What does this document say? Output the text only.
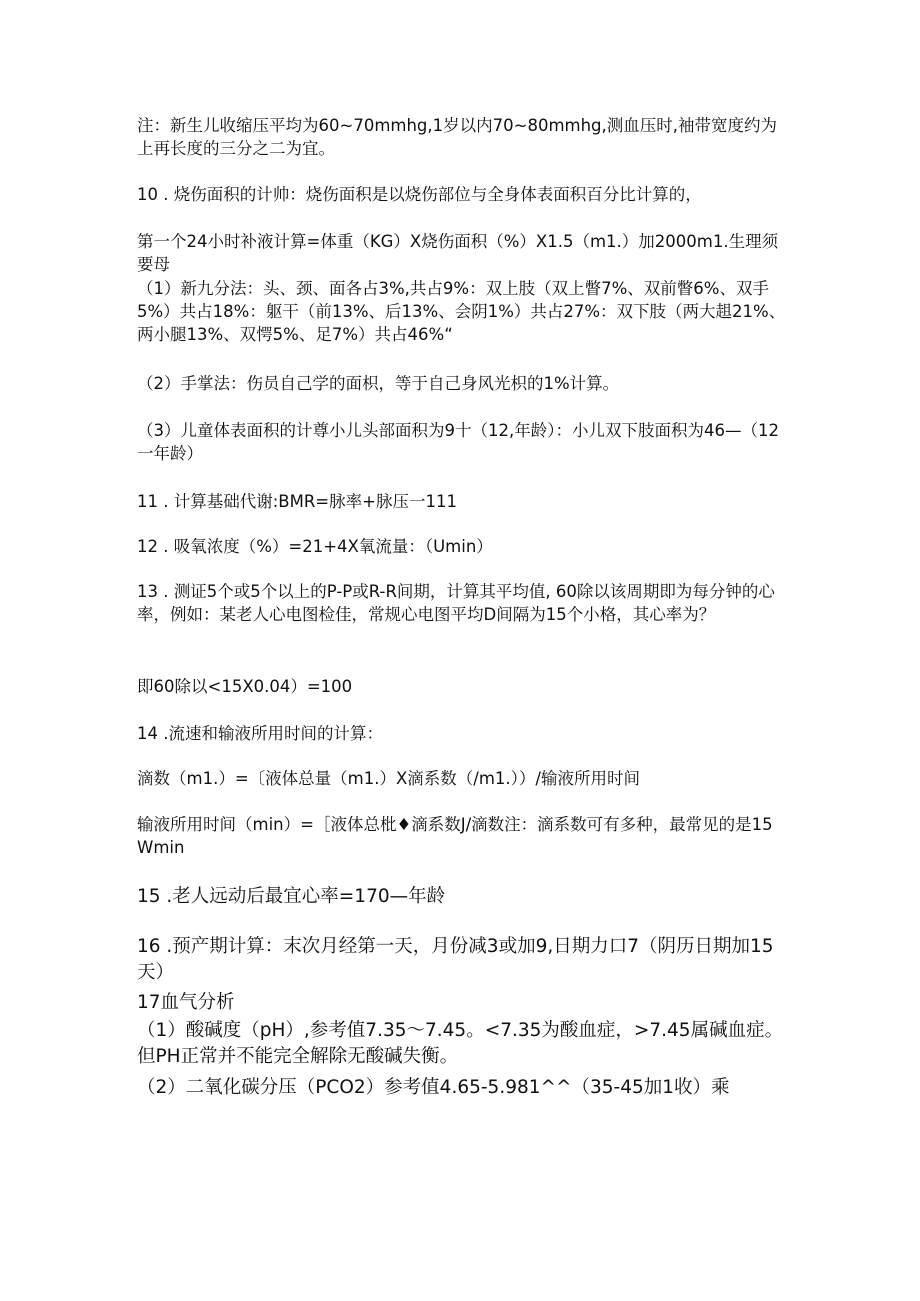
注：新生儿收缩压平均为60~70mmhg,1岁以内70~80mmhg,测血压时,袖带宽度约为上再长度的三分之二为宜。

10 . 烧伤面积的计帅：烧伤面积是以烧伤部位与全身体表面积百分比计算的，

第一个24小时补液计算=体重（KG）X烧伤面积（%）X1.5（m1.）加2000m1.生理须要母

（1）新九分法：头、颈、面各占3%,共占9%：双上肢（双上瞥7%、双前瞥6%、双手5%）共占18%：躯干（前13%、后13%、会阴1%）共占27%：双下肢（两大趄21%、两小腿13%、双愕5%、足7%）共占46%“

（2）手掌法：伤员自己学的面枳，等于自己身风光枳的1%计算。

（3）儿童体表面积的计尊小儿头部面积为9十（12,年龄）：小儿双下肢面积为46—（12一年龄）

11 . 计算基础代谢:BMR=脉率+脉压一111

12 . 吸氧浓度（%）=21+4X氧流量：（Umin）

13 . 测证5个或5个以上的P-P或R-R间期，计算其平均值, 60除以该周期即为每分钟的心率，例如：某老人心电图检佳，常规心电图平均D间隔为15个小格，其心率为？

即60除以<15X0.04）=100

14 .流速和输液所用时间的计算：

滴数（m1.）=〔液体总量（m1.）X滴系数（/m1.））/输液所用时间

输液所用时间（min）=［液体总枇♦滴系数J/滴数注：滴系数可有多种，最常见的是15Wmin

15 .老人远动后最宜心率=170—年龄

16 .预产期计算：末次月经第一天，月份减3或加9,日期力口7（阴历日期加15天）

17血气分析

（1）酸碱度（pH）,参考值7.35〜7.45。<7.35为酸血症，>7.45属碱血症。但PH正常并不能完全解除无酸碱失衡。

（2）二氧化碳分压（PCO2）参考值4.65-5.981^^（35-45加1收）乘
